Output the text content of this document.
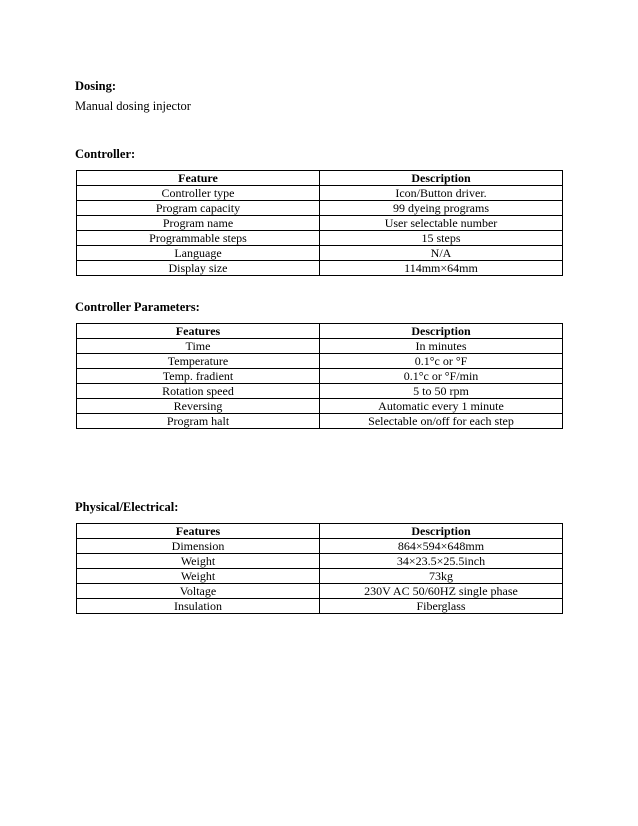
Dosing:

Manual dosing injector

Controller:

Feature	Description
Controller type	Icon/Button driver.
Program capacity	99 dyeing programs
Program name	User selectable number
Programmable steps	15 steps
Language	N/A
Display size	114mm×64mm

Controller Parameters:

Features	Description
Time	In minutes
Temperature	0.1°c or °F
Temp. fradient	0.1°c or °F/min
Rotation speed	5 to 50 rpm
Reversing	Automatic every 1 minute
Program halt	Selectable on/off for each step

Physical/Electrical:

Features	Description
Dimension	864×594×648mm
Weight	34×23.5×25.5inch
Weight	73kg
Voltage	230V AC 50/60HZ single phase
Insulation	Fiberglass
